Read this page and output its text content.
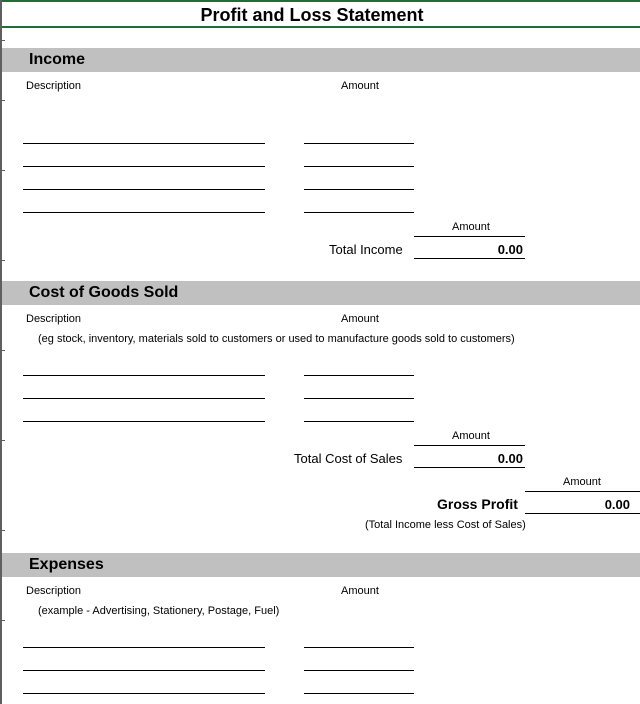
Profit and Loss Statement
Income
Description	Amount
Amount
Total Income	0.00
Cost of Goods Sold
Description	Amount
(eg stock, inventory, materials sold to customers or used to manufacture goods sold to customers)
Amount
Total Cost of Sales	0.00
Amount
Gross Profit	0.00
(Total Income less Cost of Sales)
Expenses
Description	Amount
(example - Advertising, Stationery, Postage, Fuel)
